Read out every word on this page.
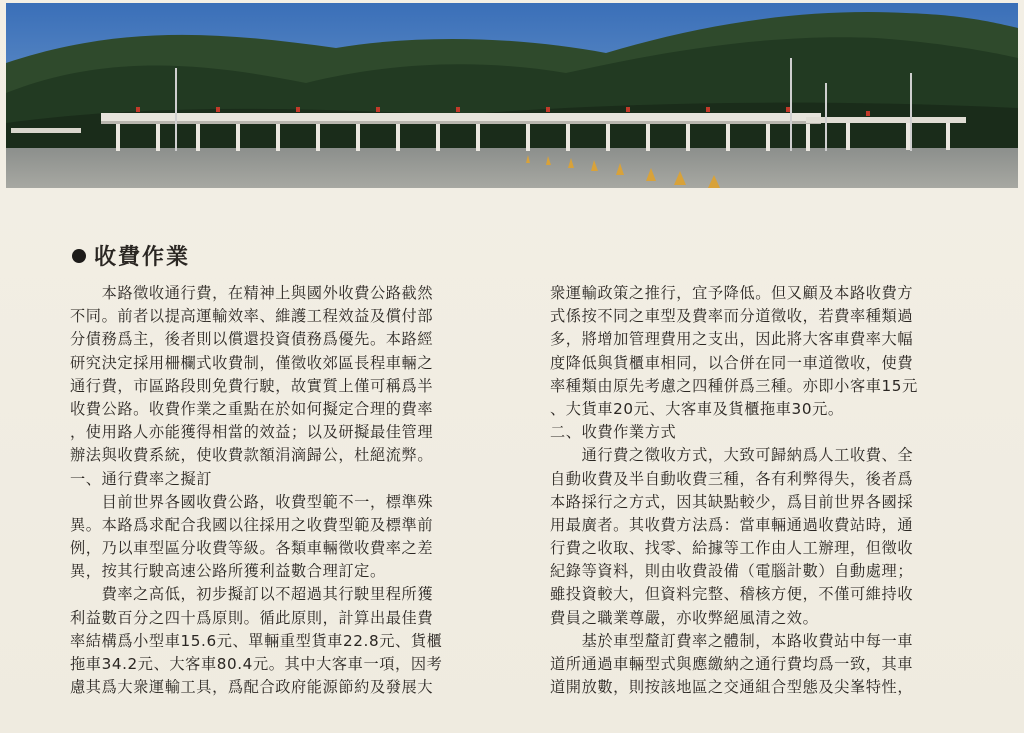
收費作業
　　本路徵收通行費，在精神上與國外收費公路截然
不同。前者以提高運輸效率、維護工程效益及償付部
分債務爲主，後者則以償還投資債務爲優先。本路經
研究決定採用柵欄式收費制，僅徵收郊區長程車輛之
通行費，市區路段則免費行駛，故實質上僅可稱爲半
收費公路。收費作業之重點在於如何擬定合理的費率
，使用路人亦能獲得相當的效益；以及研擬最佳管理
辦法與收費系統，使收費款額涓滴歸公，杜絕流弊。
一、通行費率之擬訂
　　目前世界各國收費公路，收費型範不一，標準殊
異。本路爲求配合我國以往採用之收費型範及標準前
例，乃以車型區分收費等級。各類車輛徵收費率之差
異，按其行駛高速公路所獲利益數合理訂定。
　　費率之高低，初步擬訂以不超過其行駛里程所獲
利益數百分之四十爲原則。循此原則，計算出最佳費
率結構爲小型車15.6元、單輛重型貨車22.8元、貨櫃
拖車34.2元、大客車80.4元。其中大客車一項，因考
慮其爲大衆運輸工具，爲配合政府能源節約及發展大
衆運輸政策之推行，宜予降低。但又顧及本路收費方
式係按不同之車型及費率而分道徵收，若費率種類過
多，將增加管理費用之支出，因此將大客車費率大幅
度降低與貨櫃車相同，以合併在同一車道徵收，使費
率種類由原先考慮之四種併爲三種。亦即小客車15元
、大貨車20元、大客車及貨櫃拖車30元。
二、收費作業方式
　　通行費之徵收方式，大致可歸納爲人工收費、全
自動收費及半自動收費三種，各有利弊得失，後者爲
本路採行之方式，因其缺點較少，爲目前世界各國採
用最廣者。其收費方法爲：當車輛通過收費站時，通
行費之收取、找零、給據等工作由人工辦理，但徵收
紀錄等資料，則由收費設備（電腦計數）自動處理；
雖投資較大，但資料完整、稽核方便，不僅可維持收
費員之職業尊嚴，亦收弊絕風清之效。
　　基於車型釐訂費率之體制，本路收費站中每一車
道所通過車輛型式與應繳納之通行費均爲一致，其車
道開放數，則按該地區之交通組合型態及尖峯特性，
